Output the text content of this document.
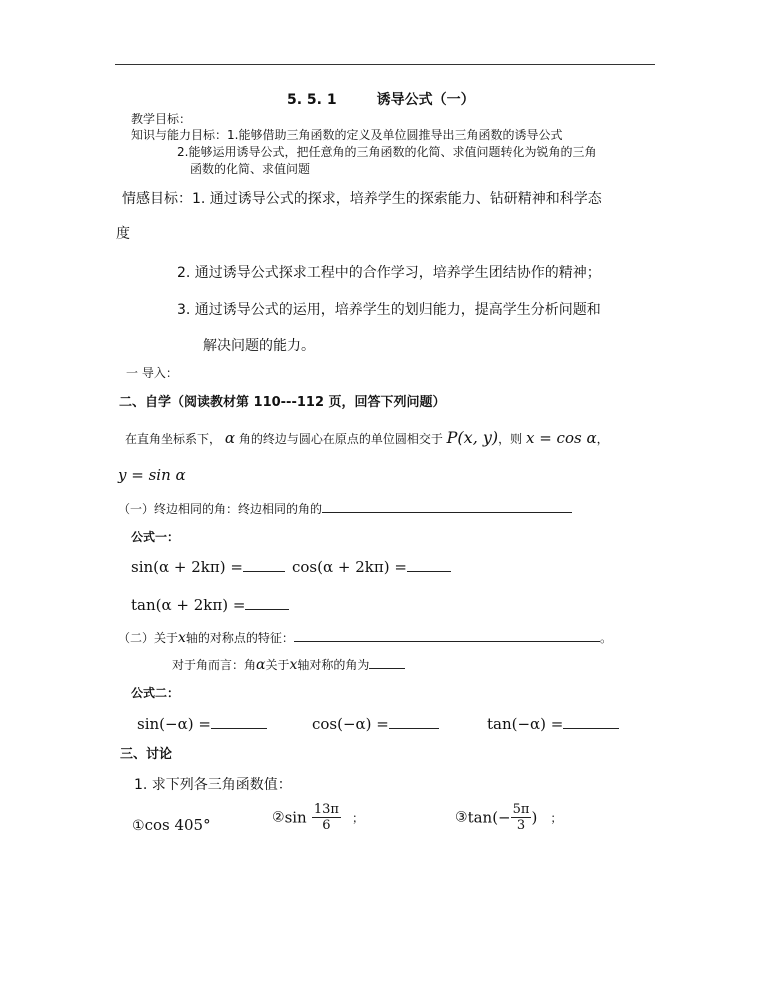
5. 5. 1	诱导公式（一）
教学目标：
知识与能力目标：1.能够借助三角函数的定义及单位圆推导出三角函数的诱导公式
2.能够运用诱导公式，把任意角的三角函数的化简、求值问题转化为锐角的三角
函数的化简、求值问题
情感目标：1. 通过诱导公式的探求，培养学生的探索能力、钻研精神和科学态
度
2. 通过诱导公式探求工程中的合作学习，培养学生团结协作的精神；
3. 通过诱导公式的运用，培养学生的划归能力，提高学生分析问题和
解决问题的能力。
一 导入：
二、自学（阅读教材第 110---112 页，回答下列问题）
在直角坐标系下， α 角的终边与圆心在原点的单位圆相交于 P(x, y)，则 x = cos α，
y = sin α
（一）终边相同的角：终边相同的角的
公式一：
sin(α + 2kπ) =	cos(α + 2kπ) =
tan(α + 2kπ) =
（二）关于x轴的对称点的特征：	。
对于角而言：角α关于x轴对称的角为
公式二：
sin(−α) =	cos(−α) =	tan(−α) =
三、讨论
1. 求下列各三角函数值：
①cos 405°	②sin $\frac{13\pi}{6}$ ；	③tan(− $\frac{5\pi}{3}$ ) ；
